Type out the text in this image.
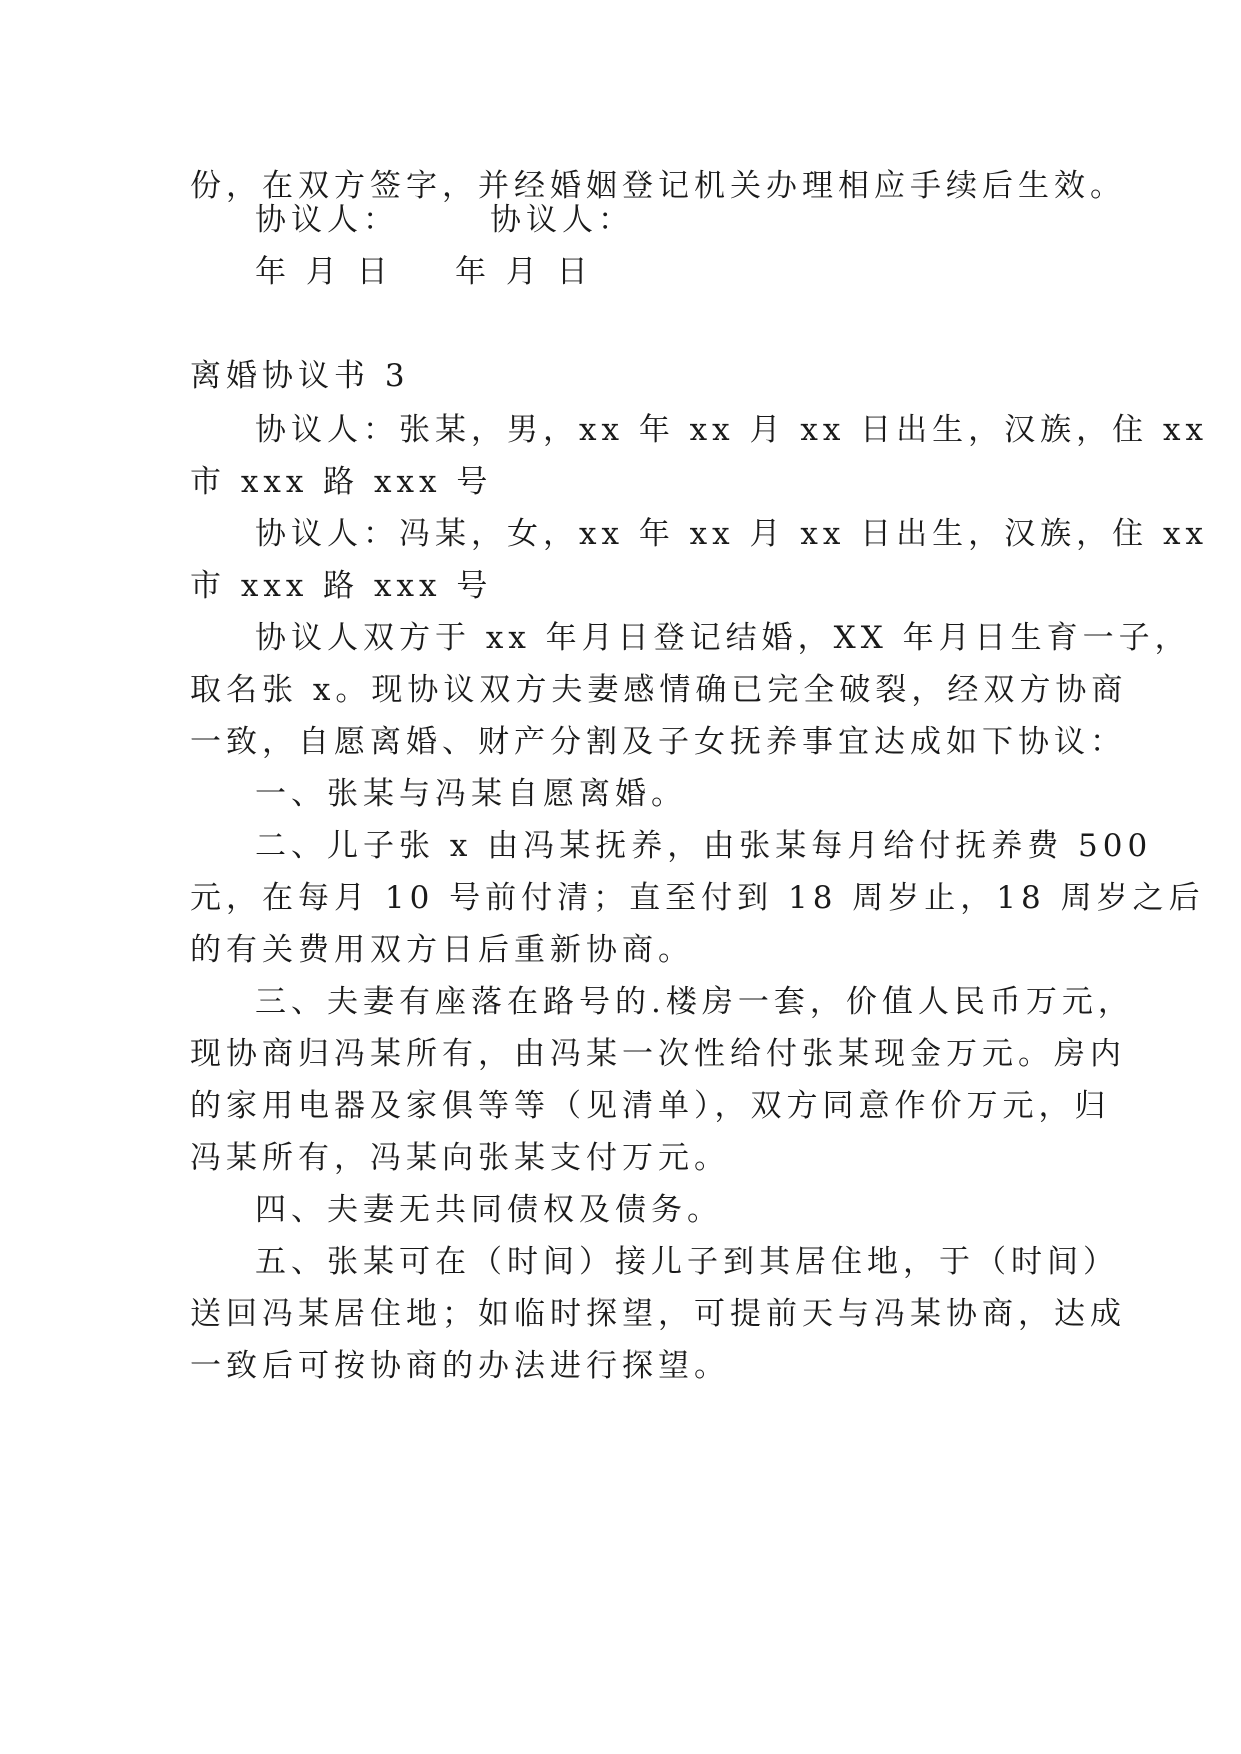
份，在双方签字，并经婚姻登记机关办理相应手续后生效。
协议人：	协议人：
年 月 日 年 月 日
离婚协议书 3
协议人：张某，男，xx 年 xx 月 xx 日出生，汉族，住 xx
市 xxx 路 xxx 号
协议人：冯某，女，xx 年 xx 月 xx 日出生，汉族，住 xx
市 xxx 路 xxx 号
协议人双方于 xx 年月日登记结婚，XX 年月日生育一子，
取名张 x。现协议双方夫妻感情确已完全破裂，经双方协商
一致，自愿离婚、财产分割及子女抚养事宜达成如下协议：
一、张某与冯某自愿离婚。
二、儿子张 x 由冯某抚养，由张某每月给付抚养费 500
元，在每月 10 号前付清；直至付到 18 周岁止，18 周岁之后
的有关费用双方日后重新协商。
三、夫妻有座落在路号的.楼房一套，价值人民币万元，
现协商归冯某所有，由冯某一次性给付张某现金万元。房内
的家用电器及家俱等等（见清单），双方同意作价万元，归
冯某所有，冯某向张某支付万元。
四、夫妻无共同债权及债务。
五、张某可在（时间）接儿子到其居住地，于（时间）
送回冯某居住地；如临时探望，可提前天与冯某协商，达成
一致后可按协商的办法进行探望。
